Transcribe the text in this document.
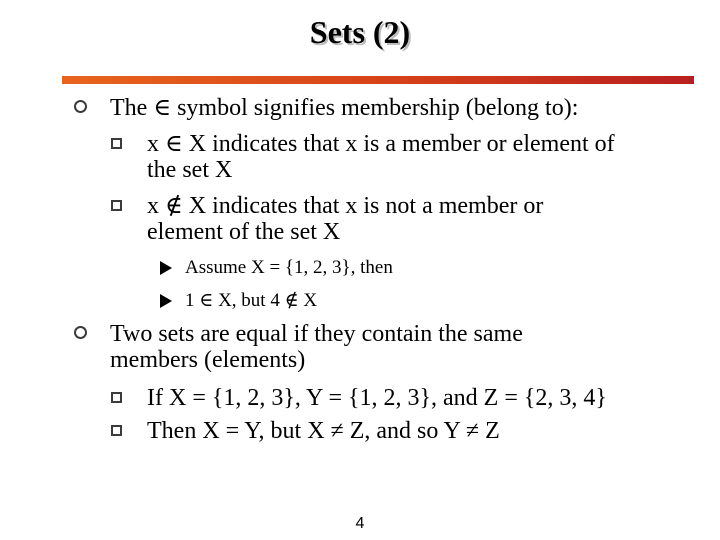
Sets (2)
The ∈ symbol signifies membership (belong to):
x ∈ X indicates that x is a member or element of
the set X
x ∉ X indicates that x is not a member or
element of the set X
Assume X = {1, 2, 3}, then
1 ∈ X, but 4 ∉ X
Two sets are equal if they contain the same
members (elements)
If X = {1, 2, 3}, Y = {1, 2, 3}, and Z = {2, 3, 4}
Then X = Y, but X ≠ Z, and so Y ≠ Z
4
